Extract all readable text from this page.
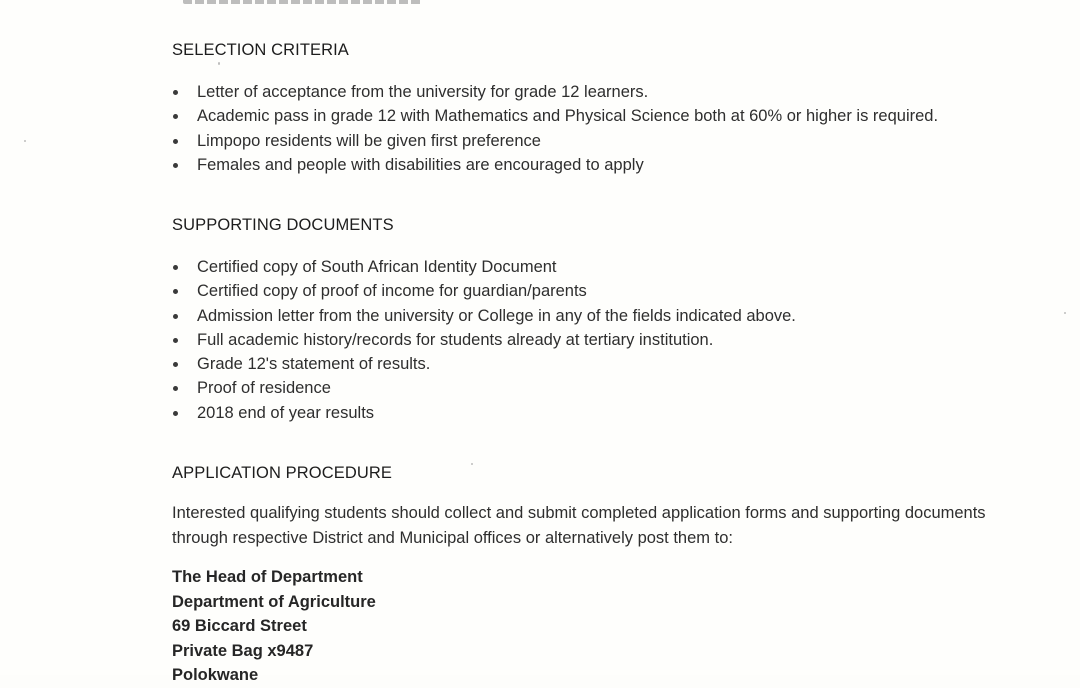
SELECTION CRITERIA
Letter of acceptance from the university for grade 12 learners.
Academic pass in grade 12 with Mathematics and Physical Science both at 60% or higher is required.
Limpopo residents will be given first preference
Females and people with disabilities are encouraged to apply
SUPPORTING DOCUMENTS
Certified copy of South African Identity Document
Certified copy of proof of income for guardian/parents
Admission letter from the university or College in any of the fields indicated above.
Full academic history/records for students already at tertiary institution.
Grade 12's statement of results.
Proof of residence
2018 end of year results
APPLICATION PROCEDURE

Interested qualifying students should collect and submit completed application forms and supporting documents through respective District and Municipal offices or alternatively post them to:

The Head of Department
Department of Agriculture
69 Biccard Street
Private Bag x9487
Polokwane
